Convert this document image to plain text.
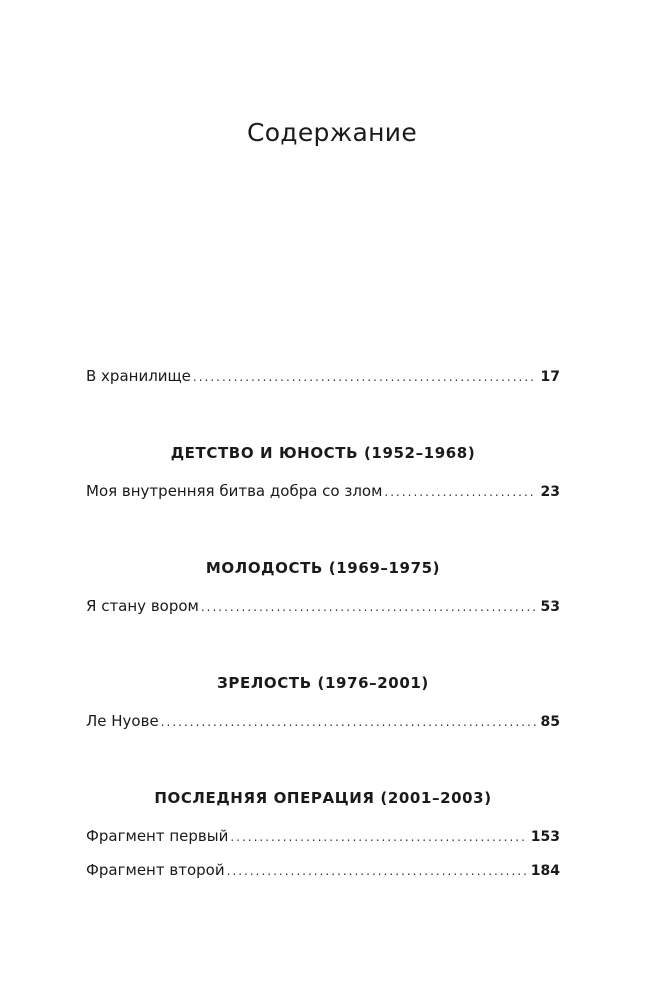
Содержание
В хранилище .....	17
ДЕТСТВО И ЮНОСТЬ (1952–1968)
Моя внутренняя битва добра со злом .....	23
МОЛОДОСТЬ (1969–1975)
Я стану вором .....	53
ЗРЕЛОСТЬ (1976–2001)
Ле Нуове .....	85
ПОСЛЕДНЯЯ ОПЕРАЦИЯ (2001–2003)
Фрагмент первый .....	153
Фрагмент второй .....	184
